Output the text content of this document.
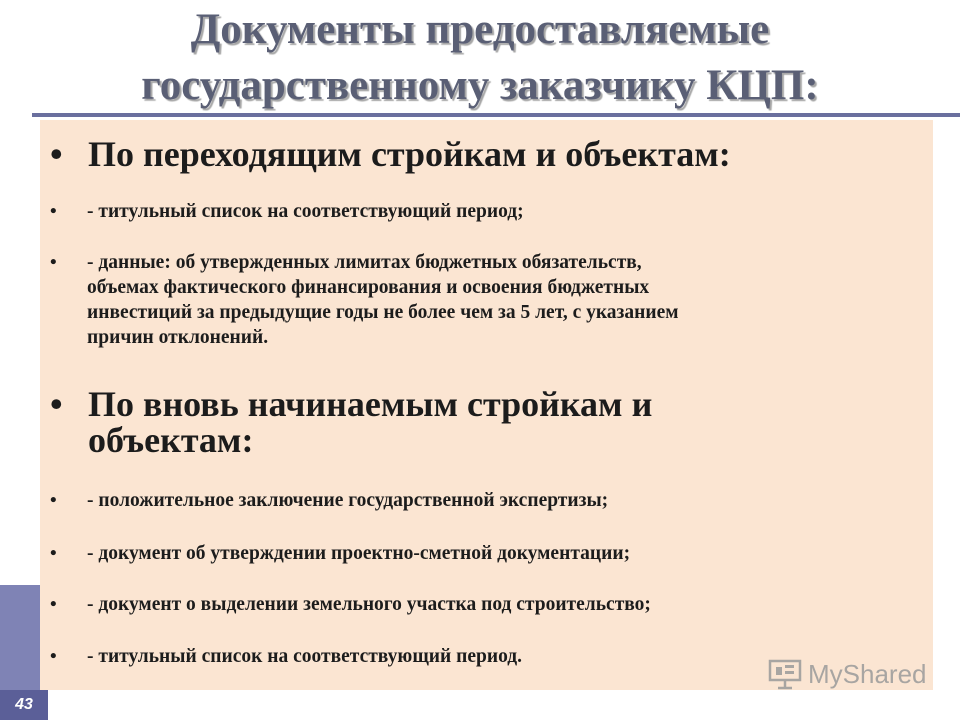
Документы предоставляемые
государственному заказчику КЦП:
43
• По переходящим стройкам и объектам:
• - титульный список на соответствующий период;
• - данные: об утвержденных лимитах бюджетных обязательств,
объемах фактического финансирования и освоения бюджетных
инвестиций за предыдущие годы не более чем за 5 лет, с указанием
причин отклонений.
• По вновь начинаемым стройкам и
объектам:
• - положительное заключение государственной экспертизы;
• - документ об утверждении проектно-сметной документации;
• - документ о выделении земельного участка под строительство;
• - титульный список на соответствующий период.
MyShared
